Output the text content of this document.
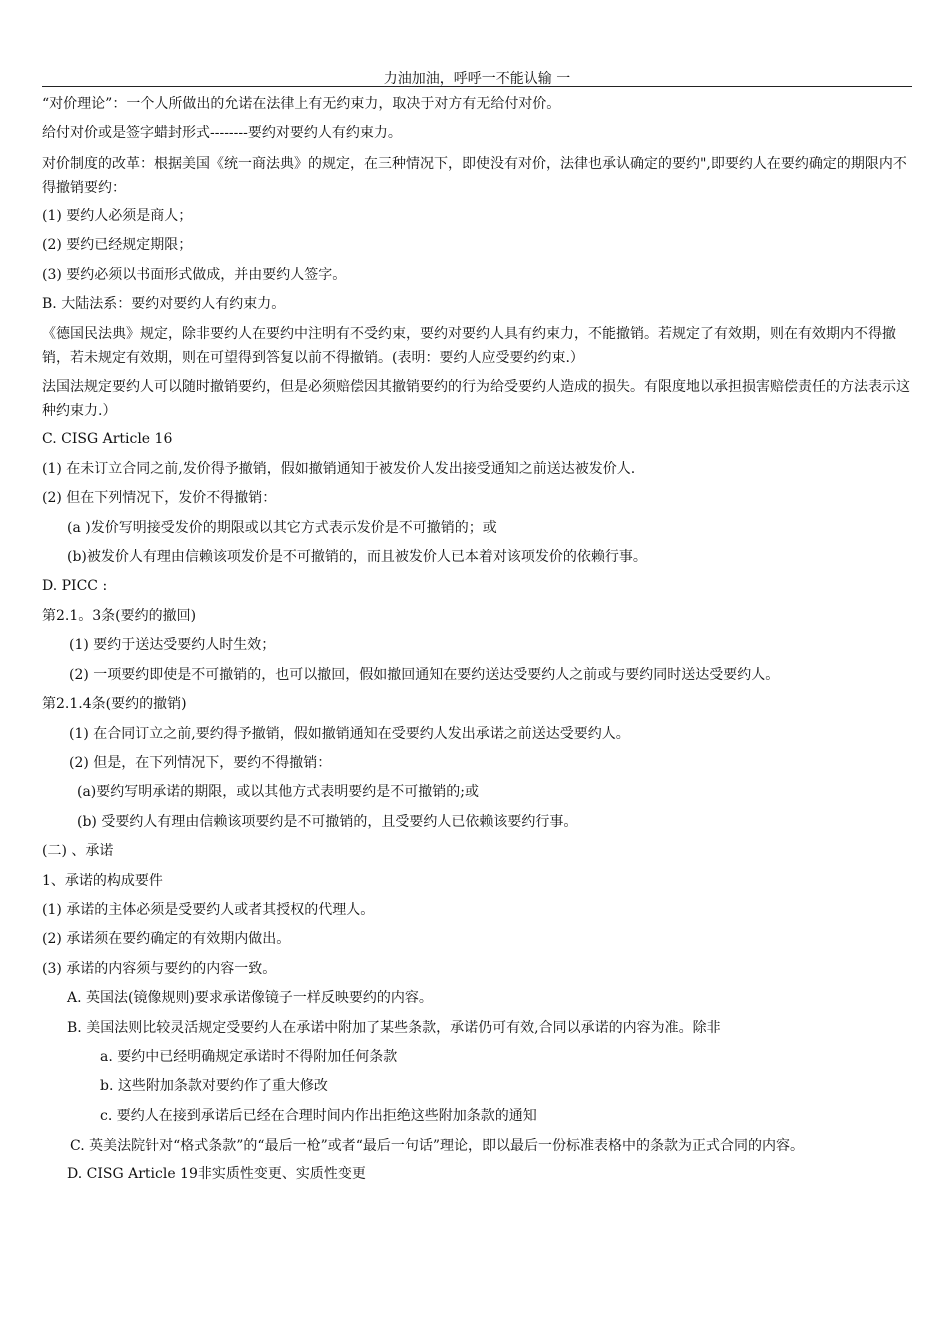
力油加油，呼呼一不能认输 一
“对价理论”：一个人所做出的允诺在法律上有无约束力，取决于对方有无给付对价。
给付对价或是签字蜡封形式--------要约对要约人有约束力。
对价制度的改革：根据美国《统一商法典》的规定，在三种情况下，即使没有对价，法律也承认确定的要约",即要约人在要约确定的期限内不得撤销要约：
(1) 要约人必须是商人；
(2) 要约已经规定期限；
(3) 要约必须以书面形式做成，并由要约人签字。
B. 大陆法系：要约对要约人有约束力。
《德国民法典》规定，除非要约人在要约中注明有不受约束，要约对要约人具有约束力，不能撤销。若规定了有效期，则在有效期内不得撤销，若未规定有效期，则在可望得到答复以前不得撤销。(表明：要约人应受要约约束.）
法国法规定要约人可以随时撤销要约，但是必须赔偿因其撤销要约的行为给受要约人造成的损失。有限度地以承担损害赔偿责任的方法表示这种约束力.）
C. CISG Article 16
(1) 在未订立合同之前,发价得予撤销，假如撤销通知于被发价人发出接受通知之前送达被发价人.
(2) 但在下列情况下，发价不得撤销：
(a )发价写明接受发价的期限或以其它方式表示发价是不可撤销的；或
(b)被发价人有理由信赖该项发价是不可撤销的，而且被发价人已本着对该项发价的依赖行事。
D. PICC :
第2.1。3条(要约的撤回)
(1) 要约于送达受要约人时生效；
(2) 一项要约即使是不可撤销的，也可以撤回，假如撤回通知在要约送达受要约人之前或与要约同时送达受要约人。
第2.1.4条(要约的撤销)
(1) 在合同订立之前,要约得予撤销，假如撤销通知在受要约人发出承诺之前送达受要约人。
(2) 但是，在下列情况下，要约不得撤销：
(a)要约写明承诺的期限，或以其他方式表明要约是不可撤销的;或
(b) 受要约人有理由信赖该项要约是不可撤销的，且受要约人已依赖该要约行事。
(二) 、承诺
1、承诺的构成要件
(1) 承诺的主体必须是受要约人或者其授权的代理人。
(2) 承诺须在要约确定的有效期内做出。
(3) 承诺的内容须与要约的内容一致。
A. 英国法(镜像规则)要求承诺像镜子一样反映要约的内容。
B. 美国法则比较灵活规定受要约人在承诺中附加了某些条款，承诺仍可有效,合同以承诺的内容为准。除非
a. 要约中已经明确规定承诺时不得附加任何条款
b. 这些附加条款对要约作了重大修改
c. 要约人在接到承诺后已经在合理时间内作出拒绝这些附加条款的通知
C. 英美法院针对“格式条款”的“最后一枪”或者“最后一句话”理论，即以最后一份标准表格中的条款为正式合同的内容。
D. CISG Article 19非实质性变更、实质性变更
